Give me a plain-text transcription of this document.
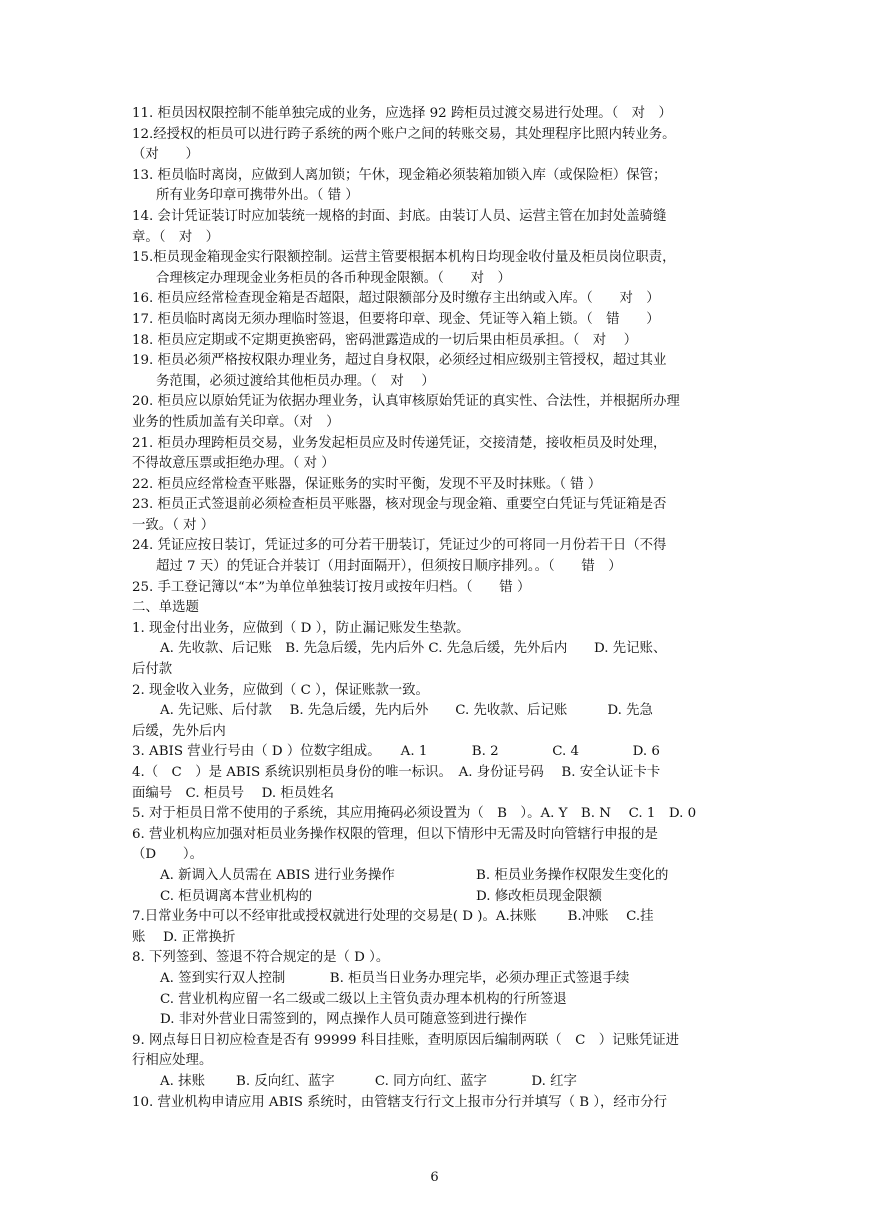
11. 柜员因权限控制不能单独完成的业务，应选择 92 跨柜员过渡交易进行处理。（　对　）
12.经授权的柜员可以进行跨子系统的两个账户之间的转账交易，其处理程序比照内转业务。
（对　　）
13. 柜员临时离岗，应做到人离加锁；午休，现金箱必须装箱加锁入库（或保险柜）保管；
所有业务印章可携带外出。（ 错 ）
14. 会计凭证装订时应加装统一规格的封面、封底。由装订人员、运营主管在加封处盖骑缝
章。（　对　）
15.柜员现金箱现金实行限额控制。运营主管要根据本机构日均现金收付量及柜员岗位职责，
合理核定办理现金业务柜员的各币种现金限额。（　　对　）
16. 柜员应经常检查现金箱是否超限，超过限额部分及时缴存主出纳或入库。（　　对　）
17. 柜员临时离岗无须办理临时签退，但要将印章、现金、凭证等入箱上锁。（　错　　）
18. 柜员应定期或不定期更换密码，密码泄露造成的一切后果由柜员承担。（　对　 ）
19. 柜员必须严格按权限办理业务，超过自身权限，必须经过相应级别主管授权，超过其业
务范围，必须过渡给其他柜员办理。（　对　 ）
20. 柜员应以原始凭证为依据办理业务，认真审核原始凭证的真实性、合法性，并根据所办理
业务的性质加盖有关印章。（对　）
21. 柜员办理跨柜员交易，业务发起柜员应及时传递凭证，交接清楚，接收柜员及时处理，
不得故意压票或拒绝办理。（ 对 ）
22. 柜员应经常检查平账器，保证账务的实时平衡，发现不平及时抹账。（ 错 ）
23. 柜员正式签退前必须检查柜员平账器，核对现金与现金箱、重要空白凭证与凭证箱是否
一致。（ 对 ）
24. 凭证应按日装订，凭证过多的可分若干册装订，凭证过少的可将同一月份若干日（不得
超过 7 天）的凭证合并装订（用封面隔开），但须按日顺序排列。。（　　错　）
25. 手工登记簿以“本”为单位单独装订按月或按年归档。（　　错 ）
二、单选题
1. 现金付出业务，应做到（ D ），防止漏记账发生垫款。
A. 先收款、后记账　B. 先急后缓，先内后外 C. 先急后缓，先外后内　　D. 先记账、
后付款
2. 现金收入业务，应做到（ C ），保证账款一致。
A. 先记账、后付款　 B. 先急后缓，先内后外　　C. 先收款、后记账　　　D. 先急
后缓，先外后内
3. ABIS 营业行号由（ D ）位数字组成。　　A. 1　　　 B. 2　　　　C. 4　　　　D. 6
4.（　C　）是 ABIS 系统识别柜员身份的唯一标识。　A. 身份证号码　 B. 安全认证卡卡
面编号　C. 柜员号　 D. 柜员姓名
5. 对于柜员日常不使用的子系统，其应用掩码必须设置为（　B　）。A. Y　B. N　 C. 1　D. 0
6. 营业机构应加强对柜员业务操作权限的管理，但以下情形中无需及时向管辖行申报的是
（D　　）。
A. 新调入人员需在 ABIS 进行业务操作	B. 柜员业务操作权限发生变化的
C. 柜员调离本营业机构的	D. 修改柜员现金限额
7.日常业务中可以不经审批或授权就进行处理的交易是( D )。A.抹账　　 B.冲账　 C.挂
账　 D. 正常换折
8. 下列签到、签退不符合规定的是（ D ）。
A. 签到实行双人控制　　　 B. 柜员当日业务办理完毕，必须办理正式签退手续
C. 营业机构应留一名二级或二级以上主管负责办理本机构的行所签退
D. 非对外营业日需签到的，网点操作人员可随意签到进行操作
9. 网点每日日初应检查是否有 99999 科目挂账，查明原因后编制两联（　C　）记账凭证进
行相应处理。
A. 抹账　　 B. 反向红、蓝字　　　C. 同方向红、蓝字　　　 D. 红字
10. 营业机构申请应用 ABIS 系统时，由管辖支行行文上报市分行并填写（ B ），经市分行
6
